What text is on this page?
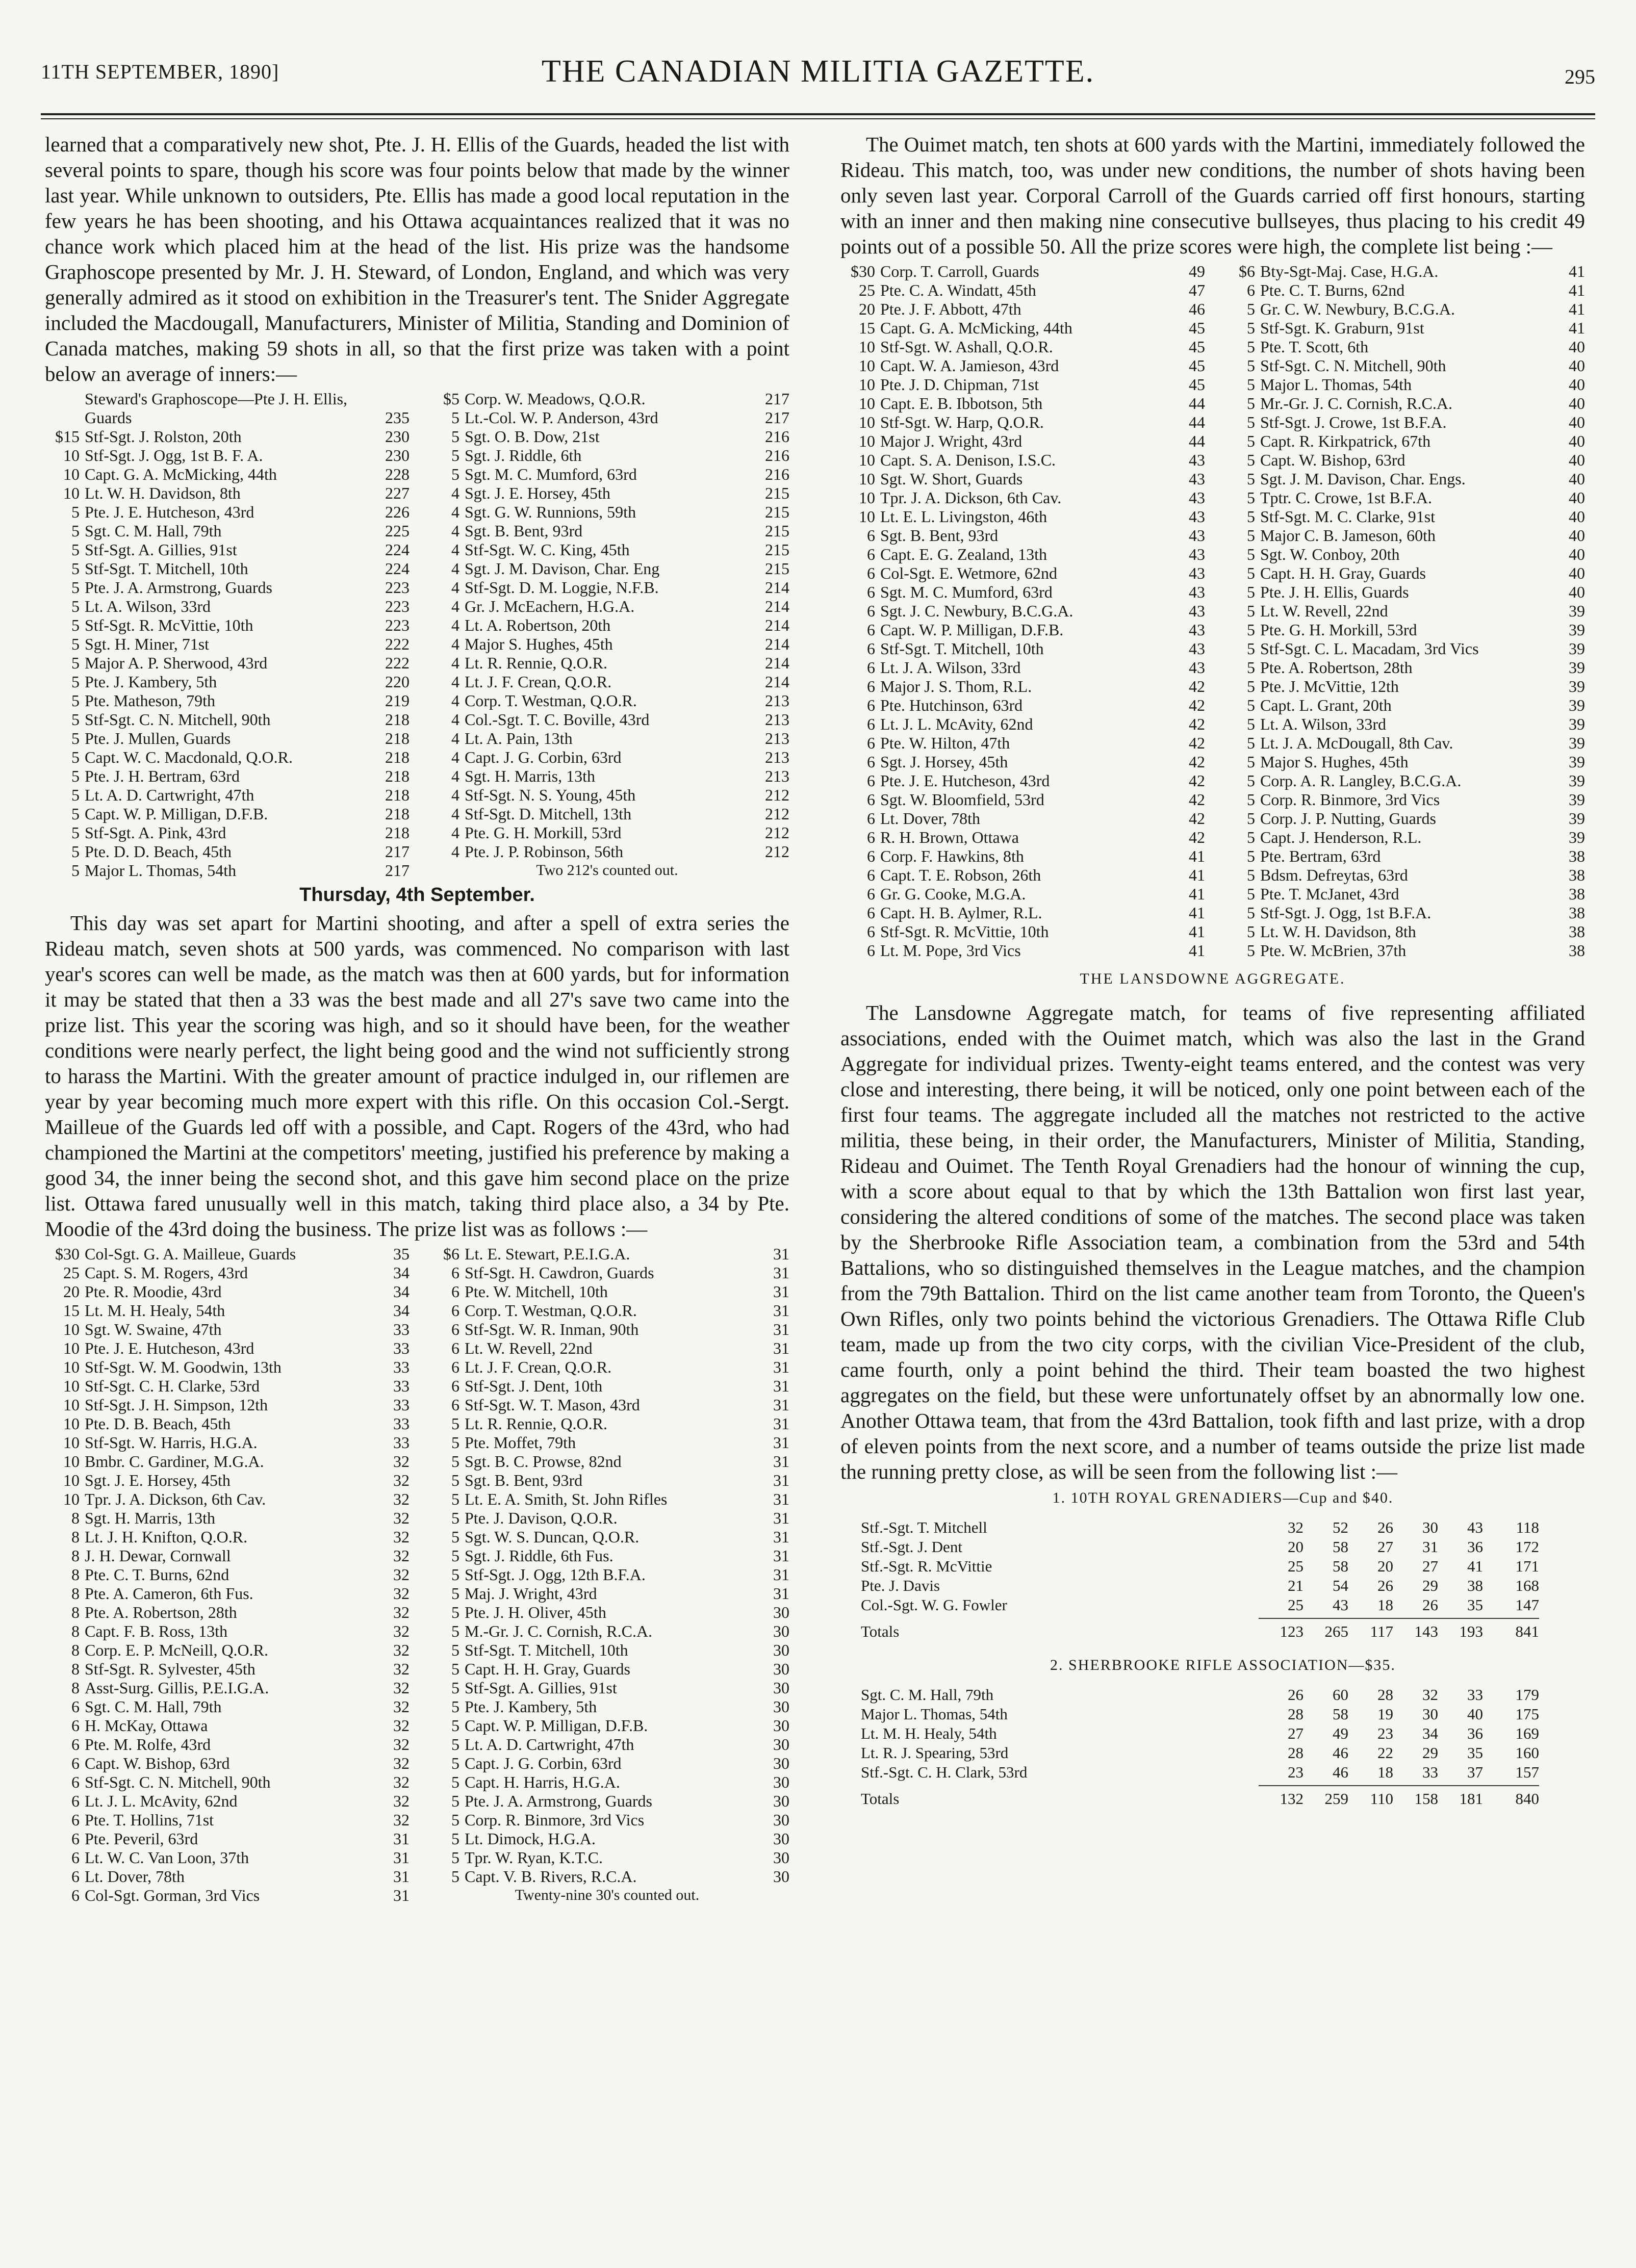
11TH SEPTEMBER, 1890]	THE CANADIAN MILITIA GAZETTE.	295

learned that a comparatively new shot, Pte. J. H. Ellis of the Guards, headed the list with several points to spare, though his score was four points below that made by the winner last year. While unknown to outsiders, Pte. Ellis has made a good local reputation in the few years he has been shooting, and his Ottawa acquaintances realized that it was no chance work which placed him at the head of the list. His prize was the handsome Graphoscope presented by Mr. J. H. Steward, of London, England, and which was very generally admired as it stood on exhibition in the Treasurer's tent. The Snider Aggregate included the Macdougall, Manufacturers, Minister of Militia, Standing and Dominion of Canada matches, making 59 shots in all, so that the first prize was taken with a point below an average of inners:—

Steward's Graphoscope—Pte J. H. Ellis,
Guards	235
$15 Stf-Sgt. J. Rolston, 20th	230
10 Stf-Sgt. J. Ogg, 1st B. F. A.	230
10 Capt. G. A. McMicking, 44th	228
10 Lt. W. H. Davidson, 8th	227
5 Pte. J. E. Hutcheson, 43rd	226
5 Sgt. C. M. Hall, 79th	225
5 Stf-Sgt. A. Gillies, 91st	224
5 Stf-Sgt. T. Mitchell, 10th	224
5 Pte. J. A. Armstrong, Guards	223
5 Lt. A. Wilson, 33rd	223
5 Stf-Sgt. R. McVittie, 10th	223
5 Sgt. H. Miner, 71st	222
5 Major A. P. Sherwood, 43rd	222
5 Pte. J. Kambery, 5th	220
5 Pte. Matheson, 79th	219
5 Stf-Sgt. C. N. Mitchell, 90th	218
5 Pte. J. Mullen, Guards	218
5 Capt. W. C. Macdonald, Q.O.R.	218
5 Pte. J. H. Bertram, 63rd	218
5 Lt. A. D. Cartwright, 47th	218
5 Capt. W. P. Milligan, D.F.B.	218
5 Stf-Sgt. A. Pink, 43rd	218
5 Pte. D. D. Beach, 45th	217
5 Major L. Thomas, 54th	217
$5 Corp. W. Meadows, Q.O.R.	217
5 Lt.-Col. W. P. Anderson, 43rd	217
5 Sgt. O. B. Dow, 21st	216
5 Sgt. J. Riddle, 6th	216
5 Sgt. M. C. Mumford, 63rd	216
4 Sgt. J. E. Horsey, 45th	215
4 Sgt. G. W. Runnions, 59th	215
4 Sgt. B. Bent, 93rd	215
4 Stf-Sgt. W. C. King, 45th	215
4 Sgt. J. M. Davison, Char. Eng	215
4 Stf-Sgt. D. M. Loggie, N.F.B.	214
4 Gr. J. McEachern, H.G.A.	214
4 Lt. A. Robertson, 20th	214
4 Major S. Hughes, 45th	214
4 Lt. R. Rennie, Q.O.R.	214
4 Lt. J. F. Crean, Q.O.R.	214
4 Corp. T. Westman, Q.O.R.	213
4 Col.-Sgt. T. C. Boville, 43rd	213
4 Lt. A. Pain, 13th	213
4 Capt. J. G. Corbin, 63rd	213
4 Sgt. H. Marris, 13th	213
4 Stf-Sgt. N. S. Young, 45th	212
4 Stf-Sgt. D. Mitchell, 13th	212
4 Pte. G. H. Morkill, 53rd	212
4 Pte. J. P. Robinson, 56th	212
Two 212's counted out.
Thursday, 4th September.

This day was set apart for Martini shooting, and after a spell of extra series the Rideau match, seven shots at 500 yards, was commenced. No comparison with last year's scores can well be made, as the match was then at 600 yards, but for information it may be stated that then a 33 was the best made and all 27's save two came into the prize list. This year the scoring was high, and so it should have been, for the weather conditions were nearly perfect, the light being good and the wind not sufficiently strong to harass the Martini. With the greater amount of practice indulged in, our riflemen are year by year becoming much more expert with this rifle. On this occasion Col.-Sergt. Mailleue of the Guards led off with a possible, and Capt. Rogers of the 43rd, who had championed the Martini at the competitors' meeting, justified his preference by making a good 34, the inner being the second shot, and this gave him second place on the prize list. Ottawa fared unusually well in this match, taking third place also, a 34 by Pte. Moodie of the 43rd doing the business. The prize list was as follows :—

$30 Col-Sgt. G. A. Mailleue, Guards	35
25 Capt. S. M. Rogers, 43rd	34
20 Pte. R. Moodie, 43rd	34
15 Lt. M. H. Healy, 54th	34
10 Sgt. W. Swaine, 47th	33
10 Pte. J. E. Hutcheson, 43rd	33
10 Stf-Sgt. W. M. Goodwin, 13th	33
10 Stf-Sgt. C. H. Clarke, 53rd	33
10 Stf-Sgt. J. H. Simpson, 12th	33
10 Pte. D. B. Beach, 45th	33
10 Stf-Sgt. W. Harris, H.G.A.	33
10 Bmbr. C. Gardiner, M.G.A.	32
10 Sgt. J. E. Horsey, 45th	32
10 Tpr. J. A. Dickson, 6th Cav.	32
8 Sgt. H. Marris, 13th	32
8 Lt. J. H. Knifton, Q.O.R.	32
8 J. H. Dewar, Cornwall	32
8 Pte. C. T. Burns, 62nd	32
8 Pte. A. Cameron, 6th Fus.	32
8 Pte. A. Robertson, 28th	32
8 Capt. F. B. Ross, 13th	32
8 Corp. E. P. McNeill, Q.O.R.	32
8 Stf-Sgt. R. Sylvester, 45th	32
8 Asst-Surg. Gillis, P.E.I.G.A.	32
6 Sgt. C. M. Hall, 79th	32
6 H. McKay, Ottawa	32
6 Pte. M. Rolfe, 43rd	32
6 Capt. W. Bishop, 63rd	32
6 Stf-Sgt. C. N. Mitchell, 90th	32
6 Lt. J. L. McAvity, 62nd	32
6 Pte. T. Hollins, 71st	32
6 Pte. Peveril, 63rd	31
6 Lt. W. C. Van Loon, 37th	31
6 Lt. Dover, 78th	31
6 Col-Sgt. Gorman, 3rd Vics	31
$6 Lt. E. Stewart, P.E.I.G.A.	31
6 Stf-Sgt. H. Cawdron, Guards	31
6 Pte. W. Mitchell, 10th	31
6 Corp. T. Westman, Q.O.R.	31
6 Stf-Sgt. W. R. Inman, 90th	31
6 Lt. W. Revell, 22nd	31
6 Lt. J. F. Crean, Q.O.R.	31
6 Stf-Sgt. J. Dent, 10th	31
6 Stf-Sgt. W. T. Mason, 43rd	31
5 Lt. R. Rennie, Q.O.R.	31
5 Pte. Moffet, 79th	31
5 Sgt. B. C. Prowse, 82nd	31
5 Sgt. B. Bent, 93rd	31
5 Lt. E. A. Smith, St. John Rifles	31
5 Pte. J. Davison, Q.O.R.	31
5 Sgt. W. S. Duncan, Q.O.R.	31
5 Sgt. J. Riddle, 6th Fus.	31
5 Stf-Sgt. J. Ogg, 12th B.F.A.	31
5 Maj. J. Wright, 43rd	31
5 Pte. J. H. Oliver, 45th	30
5 M.-Gr. J. C. Cornish, R.C.A.	30
5 Stf-Sgt. T. Mitchell, 10th	30
5 Capt. H. H. Gray, Guards	30
5 Stf-Sgt. A. Gillies, 91st	30
5 Pte. J. Kambery, 5th	30
5 Capt. W. P. Milligan, D.F.B.	30
5 Lt. A. D. Cartwright, 47th	30
5 Capt. J. G. Corbin, 63rd	30
5 Capt. H. Harris, H.G.A.	30
5 Pte. J. A. Armstrong, Guards	30
5 Corp. R. Binmore, 3rd Vics	30
5 Lt. Dimock, H.G.A.	30
5 Tpr. W. Ryan, K.T.C.	30
5 Capt. V. B. Rivers, R.C.A.	30
Twenty-nine 30's counted out.

The Ouimet match, ten shots at 600 yards with the Martini, immediately followed the Rideau. This match, too, was under new conditions, the number of shots having been only seven last year. Corporal Carroll of the Guards carried off first honours, starting with an inner and then making nine consecutive bullseyes, thus placing to his credit 49 points out of a possible 50. All the prize scores were high, the complete list being :—

$30 Corp. T. Carroll, Guards	49
25 Pte. C. A. Windatt, 45th	47
20 Pte. J. F. Abbott, 47th	46
15 Capt. G. A. McMicking, 44th	45
10 Stf-Sgt. W. Ashall, Q.O.R.	45
10 Capt. W. A. Jamieson, 43rd	45
10 Pte. J. D. Chipman, 71st	45
10 Capt. E. B. Ibbotson, 5th	44
10 Stf-Sgt. W. Harp, Q.O.R.	44
10 Major J. Wright, 43rd	44
10 Capt. S. A. Denison, I.S.C.	43
10 Sgt. W. Short, Guards	43
10 Tpr. J. A. Dickson, 6th Cav.	43
10 Lt. E. L. Livingston, 46th	43
6 Sgt. B. Bent, 93rd	43
6 Capt. E. G. Zealand, 13th	43
6 Col-Sgt. E. Wetmore, 62nd	43
6 Sgt. M. C. Mumford, 63rd	43
6 Sgt. J. C. Newbury, B.C.G.A.	43
6 Capt. W. P. Milligan, D.F.B.	43
6 Stf-Sgt. T. Mitchell, 10th	43
6 Lt. J. A. Wilson, 33rd	43
6 Major J. S. Thom, R.L.	42
6 Pte. Hutchinson, 63rd	42
6 Lt. J. L. McAvity, 62nd	42
6 Pte. W. Hilton, 47th	42
6 Sgt. J. Horsey, 45th	42
6 Pte. J. E. Hutcheson, 43rd	42
6 Sgt. W. Bloomfield, 53rd	42
6 Lt. Dover, 78th	42
6 R. H. Brown, Ottawa	42
6 Corp. F. Hawkins, 8th	41
6 Capt. T. E. Robson, 26th	41
6 Gr. G. Cooke, M.G.A.	41
6 Capt. H. B. Aylmer, R.L.	41
6 Stf-Sgt. R. McVittie, 10th	41
6 Lt. M. Pope, 3rd Vics	41
$6 Bty-Sgt-Maj. Case, H.G.A.	41
6 Pte. C. T. Burns, 62nd	41
5 Gr. C. W. Newbury, B.C.G.A.	41
5 Stf-Sgt. K. Graburn, 91st	41
5 Pte. T. Scott, 6th	40
5 Stf-Sgt. C. N. Mitchell, 90th	40
5 Major L. Thomas, 54th	40
5 Mr.-Gr. J. C. Cornish, R.C.A.	40
5 Stf-Sgt. J. Crowe, 1st B.F.A.	40
5 Capt. R. Kirkpatrick, 67th	40
5 Capt. W. Bishop, 63rd	40
5 Sgt. J. M. Davison, Char. Engs.	40
5 Tptr. C. Crowe, 1st B.F.A.	40
5 Stf-Sgt. M. C. Clarke, 91st	40
5 Major C. B. Jameson, 60th	40
5 Sgt. W. Conboy, 20th	40
5 Capt. H. H. Gray, Guards	40
5 Pte. J. H. Ellis, Guards	40
5 Lt. W. Revell, 22nd	39
5 Pte. G. H. Morkill, 53rd	39
5 Stf-Sgt. C. L. Macadam, 3rd Vics	39
5 Pte. A. Robertson, 28th	39
5 Pte. J. McVittie, 12th	39
5 Capt. L. Grant, 20th	39
5 Lt. A. Wilson, 33rd	39
5 Lt. J. A. McDougall, 8th Cav.	39
5 Major S. Hughes, 45th	39
5 Corp. A. R. Langley, B.C.G.A.	39
5 Corp. R. Binmore, 3rd Vics	39
5 Corp. J. P. Nutting, Guards	39
5 Capt. J. Henderson, R.L.	39
5 Pte. Bertram, 63rd	38
5 Bdsm. Defreytas, 63rd	38
5 Pte. T. McJanet, 43rd	38
5 Stf-Sgt. J. Ogg, 1st B.F.A.	38
5 Lt. W. H. Davidson, 8th	38
5 Pte. W. McBrien, 37th	38
THE LANSDOWNE AGGREGATE.

The Lansdowne Aggregate match, for teams of five representing affiliated associations, ended with the Ouimet match, which was also the last in the Grand Aggregate for individual prizes. Twenty-eight teams entered, and the contest was very close and interesting, there being, it will be noticed, only one point between each of the first four teams. The aggregate included all the matches not restricted to the active militia, these being, in their order, the Manufacturers, Minister of Militia, Standing, Rideau and Ouimet. The Tenth Royal Grenadiers had the honour of winning the cup, with a score about equal to that by which the 13th Battalion won first last year, considering the altered conditions of some of the matches. The second place was taken by the Sherbrooke Rifle Association team, a combination from the 53rd and 54th Battalions, who so distinguished themselves in the League matches, and the champion from the 79th Battalion. Third on the list came another team from Toronto, the Queen's Own Rifles, only two points behind the victorious Grenadiers. The Ottawa Rifle Club team, made up from the two city corps, with the civilian Vice-President of the club, came fourth, only a point behind the third. Their team boasted the two highest aggregates on the field, but these were unfortunately offset by an abnormally low one. Another Ottawa team, that from the 43rd Battalion, took fifth and last prize, with a drop of eleven points from the next score, and a number of teams outside the prize list made the running pretty close, as will be seen from the following list :—

1. 10TH ROYAL GRENADIERS—Cup and $40.
Stf.-Sgt. T. Mitchell	32	52	26	30	43	118
Stf.-Sgt. J. Dent	20	58	27	31	36	172
Stf.-Sgt. R. McVittie	25	58	20	27	41	171
Pte. J. Davis	21	54	26	29	38	168
Col.-Sgt. W. G. Fowler	25	43	18	26	35	147
Totals	123	265	117	143	193	841
2. SHERBROOKE RIFLE ASSOCIATION—$35.
Sgt. C. M. Hall, 79th	26	60	28	32	33	179
Major L. Thomas, 54th	28	58	19	30	40	175
Lt. M. H. Healy, 54th	27	49	23	34	36	169
Lt. R. J. Spearing, 53rd	28	46	22	29	35	160
Stf.-Sgt. C. H. Clark, 53rd	23	46	18	33	37	157
Totals	132	259	110	158	181	840
